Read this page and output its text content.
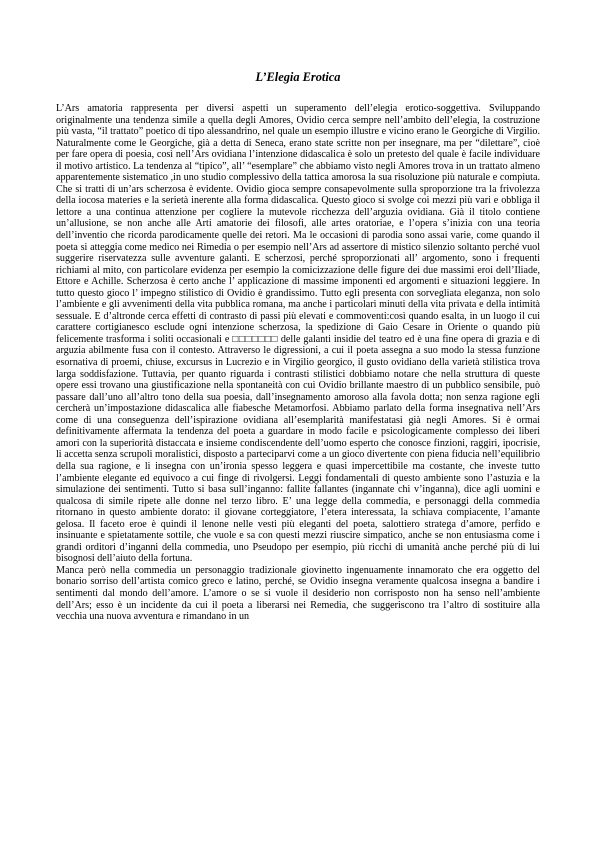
L’Elegia Erotica

L’Ars amatoria rappresenta per diversi aspetti un superamento dell’elegia erotico-soggettiva. Sviluppando originalmente una tendenza simile a quella degli Amores, Ovidio cerca sempre nell’ambito dell’elegia, la costruzione più vasta, “il trattato” poetico di tipo alessandrino, nel quale un esempio illustre e vicino erano le Georgiche di Virgilio. Naturalmente come le Georgiche, già a detta di Seneca, erano state scritte non per insegnare, ma per “dilettare”, cioè per fare opera di poesia, così nell’Ars ovidiana l’intenzione didascalica è solo un pretesto del quale è facile individuare il motivo artistico. La tendenza al “tipico”, all’ “esemplare” che abbiamo visto negli Amores trova in un trattato almeno apparentemente sistematico ,in uno studio complessivo della tattica amorosa la sua risoluzione più naturale e compiuta. Che si tratti di un’ars scherzosa è evidente. Ovidio gioca sempre consapevolmente sulla sproporzione tra la frivolezza della iocosa materies e la serietà inerente alla forma didascalica. Questo gioco si svolge coi mezzi più vari e obbliga il lettore a una continua attenzione per cogliere la mutevole ricchezza dell’arguzia ovidiana. Già il titolo contiene un’allusione, se non anche alle Arti amatorie dei filosofi, alle artes oratoriae, e l’opera s’inizia con una teoria dell’inventio che ricorda parodicamente quelle dei retori. Ma le occasioni di parodia sono assai varie, come quando il poeta si atteggia come medico nei Rimedia o per esempio nell’Ars ad assertore di mistico silenzio soltanto perché vuol suggerire riservatezza sulle avventure galanti. E scherzosi, perché sproporzionati all’ argomento, sono i frequenti richiami al mito, con particolare evidenza per esempio la comicizzazione delle figure dei due massimi eroi dell’Iliade, Ettore e Achille. Scherzosa è certo anche l’ applicazione di massime imponenti ed argomenti e situazioni leggiere. In tutto questo gioco l’ impegno stilistico di Ovidio è grandissimo. Tutto egli presenta con sorvegliata eleganza, non solo l’ambiente e gli avvenimenti della vita pubblica romana, ma anche i particolari minuti della vita privata e della intimità sessuale. E d’altronde cerca effetti di contrasto di passi più elevati e commoventi:così quando esalta, in un luogo il cui carattere cortigianesco esclude ogni intenzione scherzosa, la spedizione di Gaio Cesare in Oriente o quando più felicemente trasforma i soliti occasionali e □□□□□□□ delle galanti insidie del teatro ed è una fine opera di grazia e di arguzia abilmente fusa con il contesto. Attraverso le digressioni, a cui il poeta assegna a suo modo la stessa funzione esornativa di proemi, chiuse, excursus in Lucrezio e in Virgilio georgico, il gusto ovidiano della varietà stilistica trova larga soddisfazione. Tuttavia, per quanto riguarda i contrasti stilistici dobbiamo notare che nella struttura di queste opere essi trovano una giustificazione nella spontaneità con cui Ovidio brillante maestro di un pubblico sensibile, può passare dall’uno all’altro tono della sua poesia, dall’insegnamento amoroso alla favola dotta; non senza ragione egli cercherà un’impostazione didascalica alle fiabesche Metamorfosi. Abbiamo parlato della forma insegnativa nell’Ars come di una conseguenza dell’ispirazione ovidiana all’esemplarità manifestatasi già negli Amores. Si è ormai definitivamente affermata la tendenza del poeta a guardare in modo facile e psicologicamente complesso dei liberi amori con la superiorità distaccata e insieme condiscendente dell’uomo esperto che conosce finzioni, raggiri, ipocrisie, li accetta senza scrupoli moralistici, disposto a parteciparvi come a un gioco divertente con piena fiducia nell’equilibrio della sua ragione, e li insegna con un’ironia spesso leggera e quasi impercettibile ma costante, che investe tutto l’ambiente elegante ed equivoco a cui finge di rivolgersi. Leggi fondamentali di questo ambiente sono l’astuzia e la simulazione dei sentimenti. Tutto si basa sull’inganno: fallite fallantes (ingannate chi v’inganna), dice agli uomini e qualcosa di simile ripete alle donne nel terzo libro. E’ una legge della commedia, e personaggi della commedia ritornano in questo ambiente dorato: il giovane corteggiatore, l’etera interessata, la schiava compiacente, l’amante gelosa. Il faceto eroe è quindi il lenone nelle vesti più eleganti del poeta, salottiero stratega d’amore, perfido e insinuante e spietatamente sottile, che vuole e sa con questi mezzi riuscire simpatico, anche se non entusiasma come i grandi orditori d’inganni della commedia, uno Pseudopo per esempio, più ricchi di umanità anche perché più di lui bisognosi dell’aiuto della fortuna.

Manca però nella commedia un personaggio tradizionale giovinetto ingenuamente innamorato che era oggetto del bonario sorriso dell’artista comico greco e latino, perché, se Ovidio insegna veramente qualcosa insegna a bandire i sentimenti dal mondo dell’amore. L’amore o se si vuole il desiderio non corrisposto non ha senso nell’ambiente dell’Ars; esso è un incidente da cui il poeta a liberarsi nei Remedia, che suggeriscono tra l’altro di sostituire alla vecchia una nuova avventura e rimandano in un
